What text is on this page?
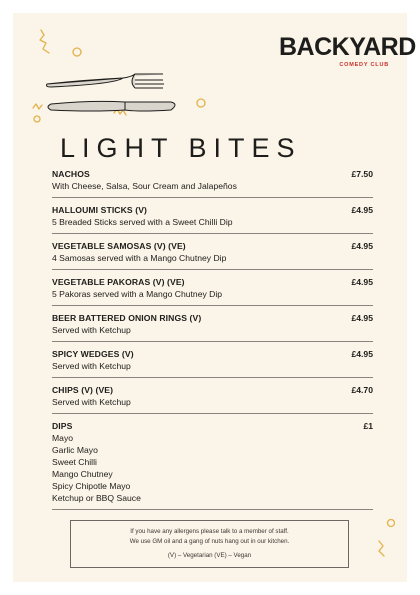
BACKYARD
COMEDY CLUB
LIGHT BITES
NACHOS
With Cheese, Salsa, Sour Cream and Jalapeños
£7.50
HALLOUMI STICKS (V)
5 Breaded Sticks served with a Sweet Chilli Dip
£4.95
VEGETABLE SAMOSAS (V) (VE)
4 Samosas served with a Mango Chutney Dip
£4.95
VEGETABLE PAKORAS (V) (VE)
5 Pakoras served with a Mango Chutney Dip
£4.95
BEER BATTERED ONION RINGS (V)
Served with Ketchup
£4.95
SPICY WEDGES (V)
Served with Ketchup
£4.95
CHIPS (V) (VE)
Served with Ketchup
£4.70
DIPS	£1
Mayo
Garlic Mayo
Sweet Chilli
Mango Chutney
Spicy Chipotle Mayo
Ketchup or BBQ Sauce

If you have any allergens please talk to a member of staff.

We use GM oil and a gang of nuts hang out in our kitchen.

(V) – Vegetarian (VE) – Vegan
